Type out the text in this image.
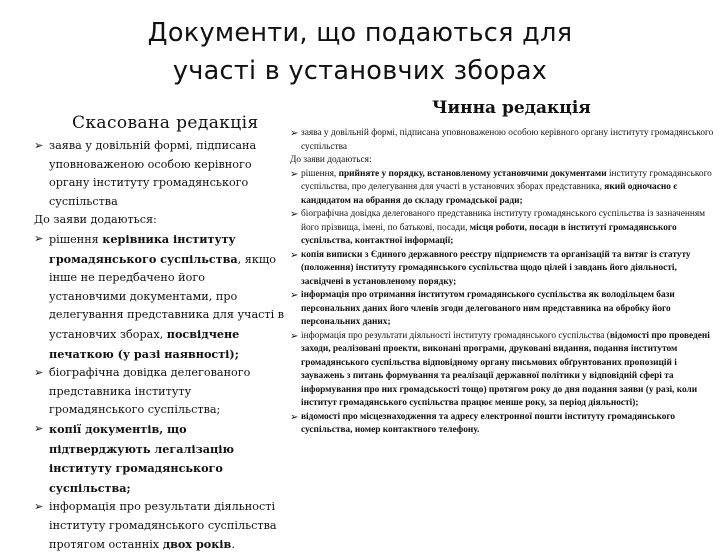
Документи, що подаються для
участі в установчих зборах
Скасована редакція
Чинна редакція
➢ заява у довільній формі, підписана уповноваженою особою керівного органу інституту громадянського суспільства
До заяви додаються:
➢ рішення керівника інституту громадянського суспільства, якщо інше не передбачено його установчими документами, про делегування представника для участі в установчих зборах, посвідчене печаткою (у разі наявності);
➢ біографічна довідка делегованого представника інституту громадянського суспільства;
➢ копії документів, що підтверджують легалізацію інституту громадянського суспільства;
➢ інформація про результати діяльності інституту громадянського суспільства протягом останніх двох років.
➢ заява у довільній формі, підписана уповноваженою особою керівного органу інституту громадянського суспільства
До заяви додаються:
➢ рішення, прийняте у порядку, встановленому установчими документами інституту громадянського суспільства, про делегування для участі в установчих зборах представника, який одночасно є кандидатом на обрання до складу громадської ради;
➢ біографічна довідка делегованого представника інституту громадянського суспільства із зазначенням його прізвища, імені, по батькові, посади, місця роботи, посади в інституті громадянського суспільства, контактної інформації;
➢ копія виписки з Єдиного державного реєстру підприємств та організацій та витяг із статуту (положення) інституту громадянського суспільства щодо цілей і завдань його діяльності, засвідчені в установленому порядку;
➢ інформація про отримання інститутом громадянського суспільства як володільцем бази персональних даних його членів згоди делегованого ним представника на обробку його персональних даних;
➢ інформація про результати діяльності інституту громадянського суспільства (відомості про проведені заходи, реалізовані проекти, виконані програми, друковані видання, подання інститутом громадянського суспільства відповідному органу письмових обґрунтованих пропозицій і зауважень з питань формування та реалізації державної політики у відповідній сфері та інформування про них громадськості тощо) протягом року до дня подання заяви (у разі, коли інститут громадянського суспільства працює менше року, за період діяльності);
➢ відомості про місцезнаходження та адресу електронної пошти інституту громадянського суспільства, номер контактного телефону.
